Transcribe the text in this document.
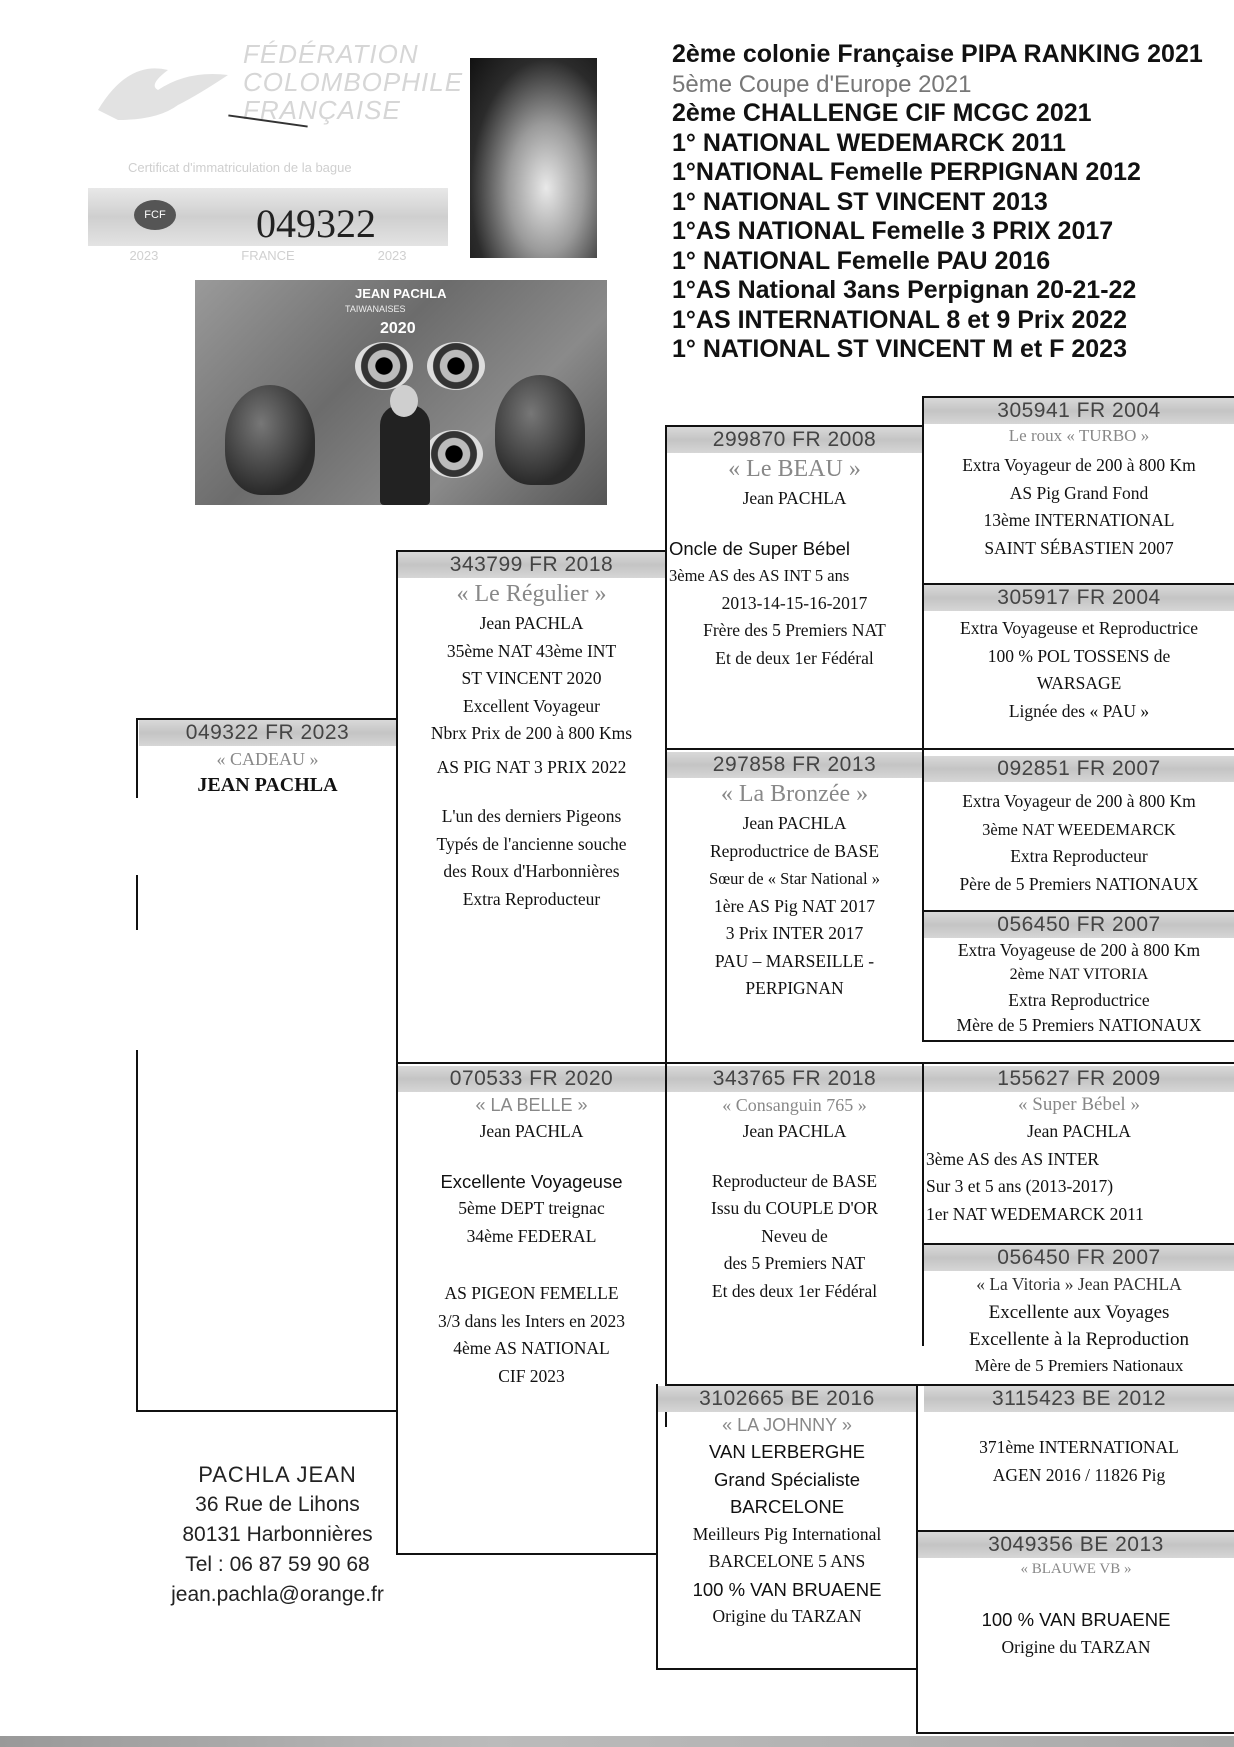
FÉDÉRATION
COLOMBOPHILE
FRANÇAISE
Certificat d'immatriculation de la bague
FCF 049322
2023	FRANCE	2023
JEAN PACHLA
TAIWANAISES
2020
2ème colonie Française PIPA RANKING 2021
5ème Coupe d'Europe 2021
2ème CHALLENGE CIF MCGC 2021
1° NATIONAL WEDEMARCK 2011
1°NATIONAL Femelle PERPIGNAN 2012
1° NATIONAL ST VINCENT 2013
1°AS NATIONAL Femelle 3 PRIX 2017
1° NATIONAL Femelle PAU 2016
1°AS National 3ans Perpignan 20-21-22
1°AS INTERNATIONAL 8 et 9 Prix 2022
1° NATIONAL ST VINCENT M et F 2023
049322 FR 2023
« CADEAU »
JEAN PACHLA
343799 FR 2018
« Le Régulier »
Jean PACHLA
35ème NAT 43ème INT
ST VINCENT 2020
Excellent Voyageur
Nbrx Prix de 200 à 800 Kms
AS PIG NAT 3 PRIX 2022
L'un des derniers Pigeons
Typés de l'ancienne souche
des Roux d'Harbonnières
Extra Reproducteur
070533 FR 2020
« LA BELLE »
Jean PACHLA
Excellente Voyageuse
5ème DEPT treignac
34ème FEDERAL
AS PIGEON FEMELLE
3/3 dans les Inters en 2023
4ème AS NATIONAL
CIF 2023
299870 FR 2008
« Le BEAU »
Jean PACHLA
Oncle de Super Bébel
3ème AS des AS INT 5 ans
2013-14-15-16-2017
Frère des 5 Premiers NAT
Et de deux 1er Fédéral
297858 FR 2013
« La Bronzée »
Jean PACHLA
Reproductrice de BASE
Sœur de « Star National »
1ère AS Pig NAT 2017
3 Prix INTER 2017
PAU – MARSEILLE -
PERPIGNAN
343765 FR 2018
« Consanguin 765 »
Jean PACHLA
Reproducteur de BASE
Issu du COUPLE D'OR
Neveu de
des 5 Premiers NAT
Et des deux 1er Fédéral
3102665 BE 2016
« LA JOHNNY »
VAN LERBERGHE
Grand Spécialiste
BARCELONE
Meilleurs Pig International
BARCELONE 5 ANS
100 % VAN BRUAENE
Origine du TARZAN
305941 FR 2004
Le roux « TURBO »
Extra Voyageur de 200 à 800 Km
AS Pig Grand Fond
13ème INTERNATIONAL
SAINT SÉBASTIEN 2007
305917 FR 2004
Extra Voyageuse et Reproductrice
100 % POL TOSSENS de
WARSAGE
Lignée des « PAU »
092851 FR 2007
Extra Voyageur de 200 à 800 Km
3ème NAT WEEDEMARCK
Extra Reproducteur
Père de 5 Premiers NATIONAUX
056450 FR 2007
Extra Voyageuse de 200 à 800 Km
2ème NAT VITORIA
Extra Reproductrice
Mère de 5 Premiers NATIONAUX
155627 FR 2009
« Super Bébel »
Jean PACHLA
3ème AS des AS INTER
Sur 3 et 5 ans (2013-2017)
1er NAT WEDEMARCK 2011
056450 FR 2007
« La Vitoria » Jean PACHLA
Excellente aux Voyages
Excellente à la Reproduction
Mère de 5 Premiers Nationaux
3115423 BE 2012
371ème INTERNATIONAL
AGEN 2016 / 11826 Pig
3049356 BE 2013
« BLAUWE VB »
100 % VAN BRUAENE
Origine du TARZAN
PACHLA JEAN
36 Rue de Lihons
80131 Harbonnières
Tel : 06 87 59 90 68
jean.pachla@orange.fr
